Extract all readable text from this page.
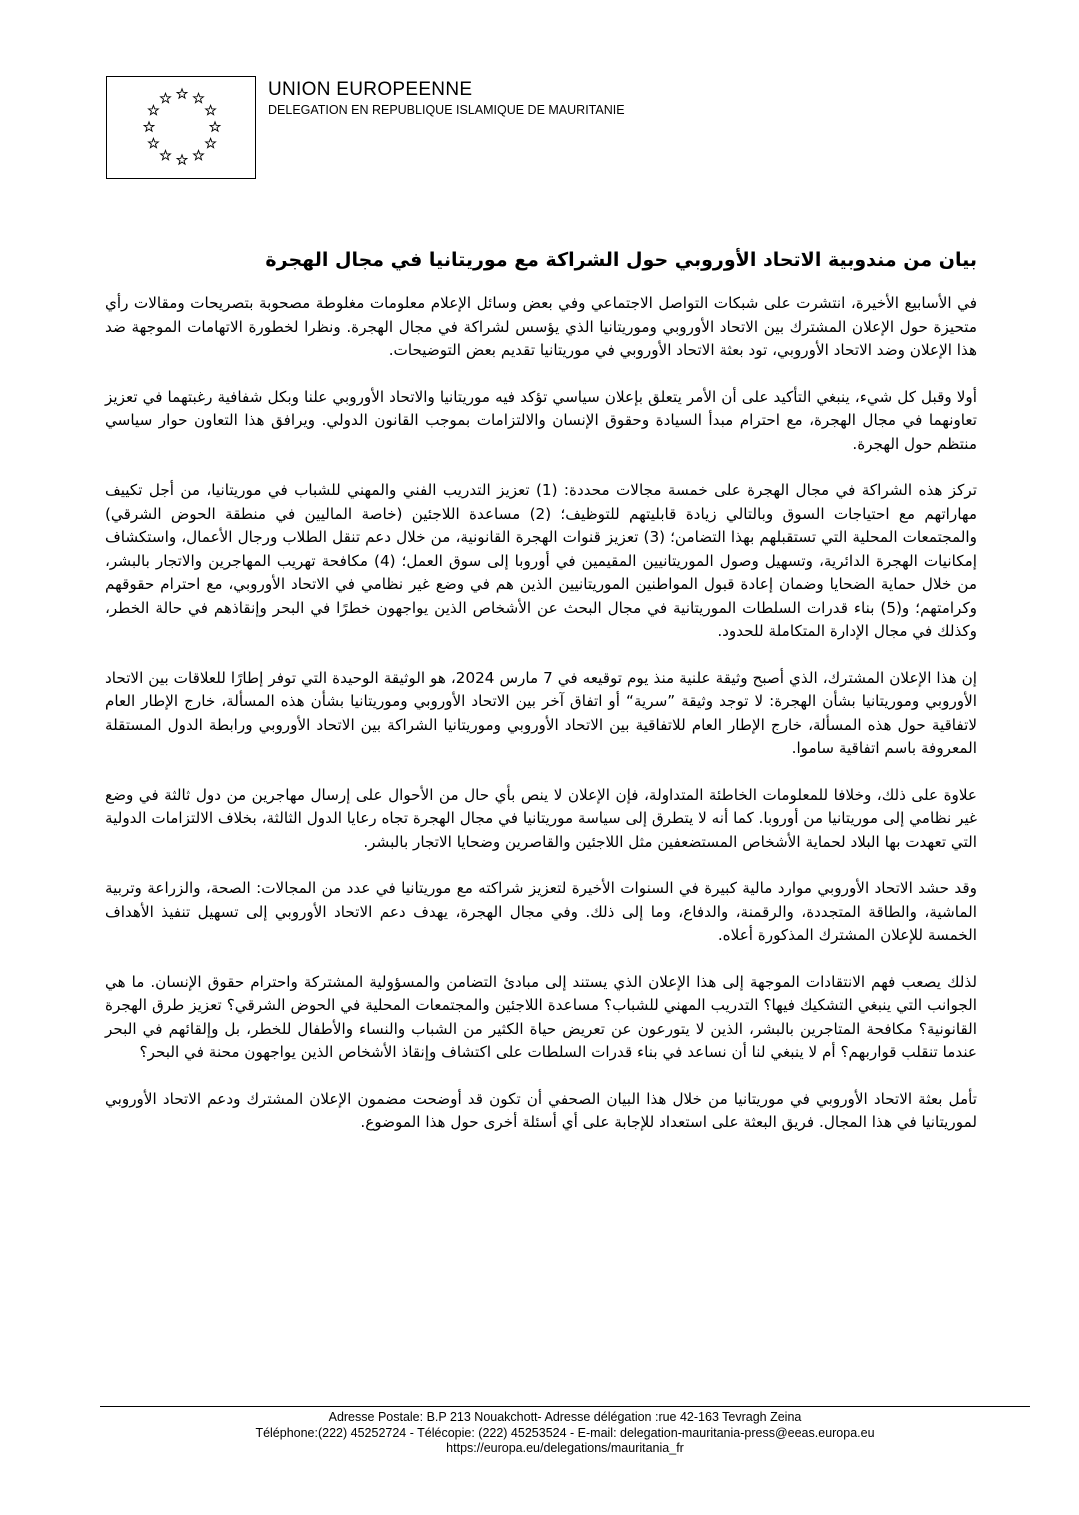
UNION EUROPEENNE
DELEGATION EN REPUBLIQUE ISLAMIQUE DE MAURITANIE
بيان من مندوبية الاتحاد الأوروبي حول الشراكة مع موريتانيا في مجال الهجرة

في الأسابيع الأخيرة، انتشرت على شبكات التواصل الاجتماعي وفي بعض وسائل الإعلام معلومات مغلوطة مصحوبة بتصريحات ومقالات رأي متحيزة حول الإعلان المشترك بين الاتحاد الأوروبي وموريتانيا الذي يؤسس لشراكة في مجال الهجرة. ونظرا لخطورة الاتهامات الموجهة ضد هذا الإعلان وضد الاتحاد الأوروبي، تود بعثة الاتحاد الأوروبي في موريتانيا تقديم بعض التوضيحات.

أولا وقبل كل شيء، ينبغي التأكيد على أن الأمر يتعلق بإعلان سياسي تؤكد فيه موريتانيا والاتحاد الأوروبي علنا وبكل شفافية رغبتهما في تعزيز تعاونهما في مجال الهجرة، مع احترام مبدأ السيادة وحقوق الإنسان والالتزامات بموجب القانون الدولي. ويرافق هذا التعاون حوار سياسي منتظم حول الهجرة.

تركز هذه الشراكة في مجال الهجرة على خمسة مجالات محددة: (1) تعزيز التدريب الفني والمهني للشباب في موريتانيا، من أجل تكييف مهاراتهم مع احتياجات السوق وبالتالي زيادة قابليتهم للتوظيف؛ (2) مساعدة اللاجئين (خاصة الماليين في منطقة الحوض الشرقي) والمجتمعات المحلية التي تستقبلهم بهذا التضامن؛ (3) تعزيز قنوات الهجرة القانونية، من خلال دعم تنقل الطلاب ورجال الأعمال، واستكشاف إمكانيات الهجرة الدائرية، وتسهيل وصول الموريتانيين المقيمين في أوروبا إلى سوق العمل؛ (4) مكافحة تهريب المهاجرين والاتجار بالبشر، من خلال حماية الضحايا وضمان إعادة قبول المواطنين الموريتانيين الذين هم في وضع غير نظامي في الاتحاد الأوروبي، مع احترام حقوقهم وكرامتهم؛ و(5) بناء قدرات السلطات الموريتانية في مجال البحث عن الأشخاص الذين يواجهون خطرًا في البحر وإنقاذهم في حالة الخطر، وكذلك في مجال الإدارة المتكاملة للحدود.

إن هذا الإعلان المشترك، الذي أصبح وثيقة علنية منذ يوم توقيعه في 7 مارس 2024، هو الوثيقة الوحيدة التي توفر إطارًا للعلاقات بين الاتحاد الأوروبي وموريتانيا بشأن الهجرة: لا توجد وثيقة ”سرية“ أو اتفاق آخر بين الاتحاد الأوروبي وموريتانيا بشأن هذه المسألة، خارج الإطار العام لاتفاقية حول هذه المسألة، خارج الإطار العام للاتفاقية بين الاتحاد الأوروبي وموريتانيا الشراكة بين الاتحاد الأوروبي ورابطة الدول المستقلة المعروفة باسم اتفاقية ساموا.

علاوة على ذلك، وخلافا للمعلومات الخاطئة المتداولة، فإن الإعلان لا ينص بأي حال من الأحوال على إرسال مهاجرين من دول ثالثة في وضع غير نظامي إلى موريتانيا من أوروبا. كما أنه لا يتطرق إلى سياسة موريتانيا في مجال الهجرة تجاه رعايا الدول الثالثة، بخلاف الالتزامات الدولية التي تعهدت بها البلاد لحماية الأشخاص المستضعفين مثل اللاجئين والقاصرين وضحايا الاتجار بالبشر.

وقد حشد الاتحاد الأوروبي موارد مالية كبيرة في السنوات الأخيرة لتعزيز شراكته مع موريتانيا في عدد من المجالات: الصحة، والزراعة وتربية الماشية، والطاقة المتجددة، والرقمنة، والدفاع، وما إلى ذلك. وفي مجال الهجرة، يهدف دعم الاتحاد الأوروبي إلى تسهيل تنفيذ الأهداف الخمسة للإعلان المشترك المذكورة أعلاه.

لذلك يصعب فهم الانتقادات الموجهة إلى هذا الإعلان الذي يستند إلى مبادئ التضامن والمسؤولية المشتركة واحترام حقوق الإنسان. ما هي الجوانب التي ينبغي التشكيك فيها؟ التدريب المهني للشباب؟ مساعدة اللاجئين والمجتمعات المحلية في الحوض الشرقي؟ تعزيز طرق الهجرة القانونية؟ مكافحة المتاجرين بالبشر، الذين لا يتورعون عن تعريض حياة الكثير من الشباب والنساء والأطفال للخطر، بل وإلقائهم في البحر عندما تنقلب قواربهم؟ أم لا ينبغي لنا أن نساعد في بناء قدرات السلطات على اكتشاف وإنقاذ الأشخاص الذين يواجهون محنة في البحر؟

تأمل بعثة الاتحاد الأوروبي في موريتانيا من خلال هذا البيان الصحفي أن تكون قد أوضحت مضمون الإعلان المشترك ودعم الاتحاد الأوروبي لموريتانيا في هذا المجال. فريق البعثة على استعداد للإجابة على أي أسئلة أخرى حول هذا الموضوع.

Adresse Postale: B.P 213 Nouakchott- Adresse délégation :rue 42-163 Tevragh Zeina
Téléphone:(222) 45252724 - Télécopie: (222) 45253524 - E-mail: delegation-mauritania-press@eeas.europa.eu
https://europa.eu/delegations/mauritania_fr
